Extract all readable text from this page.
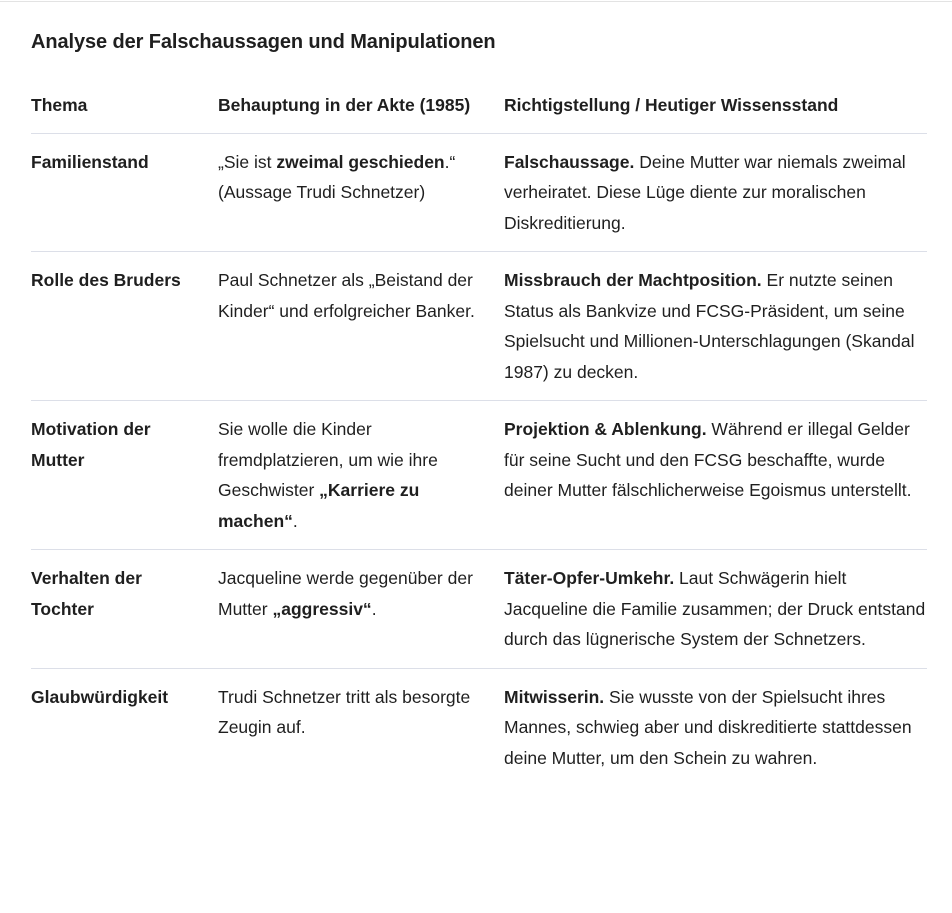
Analyse der Falschaussagen und Manipulationen
Thema	Behauptung in der Akte (1985)	Richtigstellung / Heutiger Wissensstand
Familienstand	„Sie ist zweimal geschieden.“ (Aussage Trudi Schnetzer)	Falschaussage. Deine Mutter war niemals zweimal verheiratet. Diese Lüge diente zur moralischen Diskreditierung.
Rolle des Bruders	Paul Schnetzer als „Beistand der Kinder“ und erfolgreicher Banker.	Missbrauch der Machtposition. Er nutzte seinen Status als Bankvize und FCSG-Präsident, um seine Spielsucht und Millionen-Unterschlagungen (Skandal 1987) zu decken.
Motivation der Mutter	Sie wolle die Kinder fremdplatzieren, um wie ihre Geschwister „Karriere zu machen“.	Projektion & Ablenkung. Während er illegal Gelder für seine Sucht und den FCSG beschaffte, wurde deiner Mutter fälschlicherweise Egoismus unterstellt.
Verhalten der Tochter	Jacqueline werde gegenüber der Mutter „aggressiv“.	Täter-Opfer-Umkehr. Laut Schwägerin hielt Jacqueline die Familie zusammen; der Druck entstand durch das lügnerische System der Schnetzers.
Glaubwürdigkeit	Trudi Schnetzer tritt als besorgte Zeugin auf.	Mitwisserin. Sie wusste von der Spielsucht ihres Mannes, schwieg aber und diskreditierte stattdessen deine Mutter, um den Schein zu wahren.
